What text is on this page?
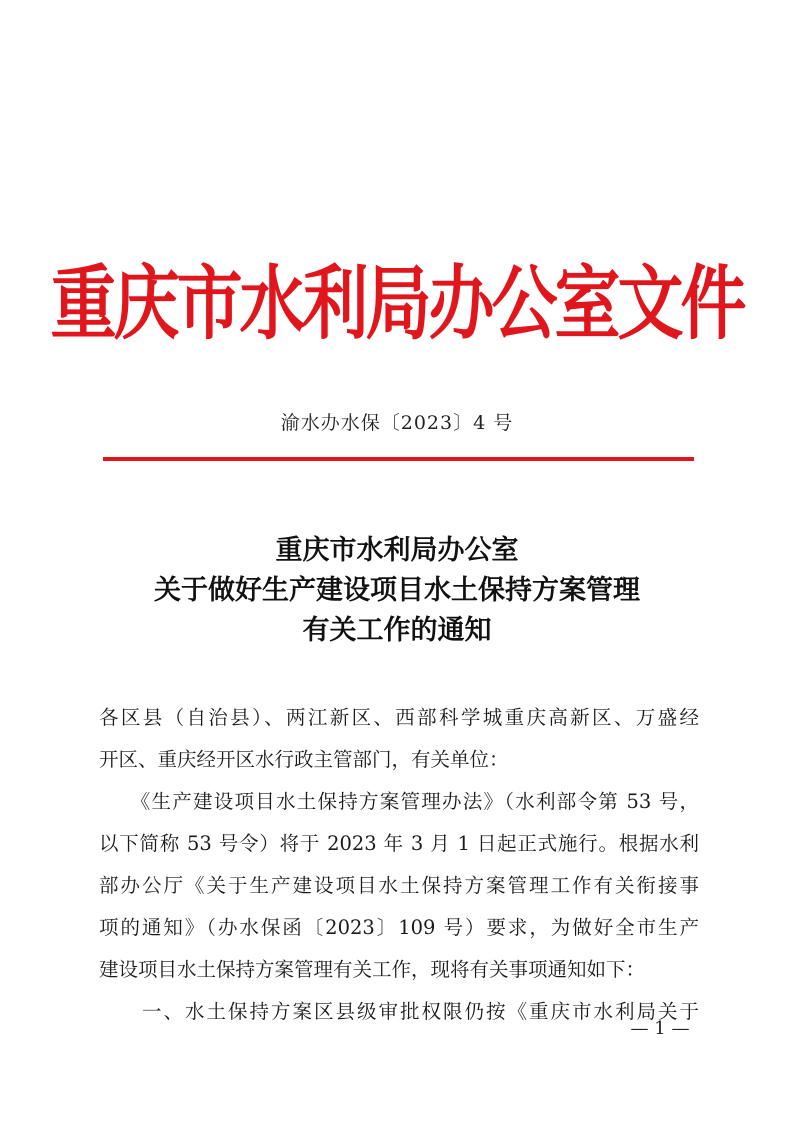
重庆市水利局办公室文件
渝水办水保〔2023〕4 号
重庆市水利局办公室
关于做好生产建设项目水土保持方案管理
有关工作的通知
各区县（自治县）、两江新区、西部科学城重庆高新区、万盛经
开区、重庆经开区水行政主管部门，有关单位：
　　《生产建设项目水土保持方案管理办法》（水利部令第 53 号，
以下简称 53 号令）将于 2023 年 3 月 1 日起正式施行。根据水利
部办公厅《关于生产建设项目水土保持方案管理工作有关衔接事
项的通知》（办水保函〔2023〕109 号）要求，为做好全市生产
建设项目水土保持方案管理有关工作，现将有关事项通知如下：
　　一、水土保持方案区县级审批权限仍按《重庆市水利局关于
— 1 —
